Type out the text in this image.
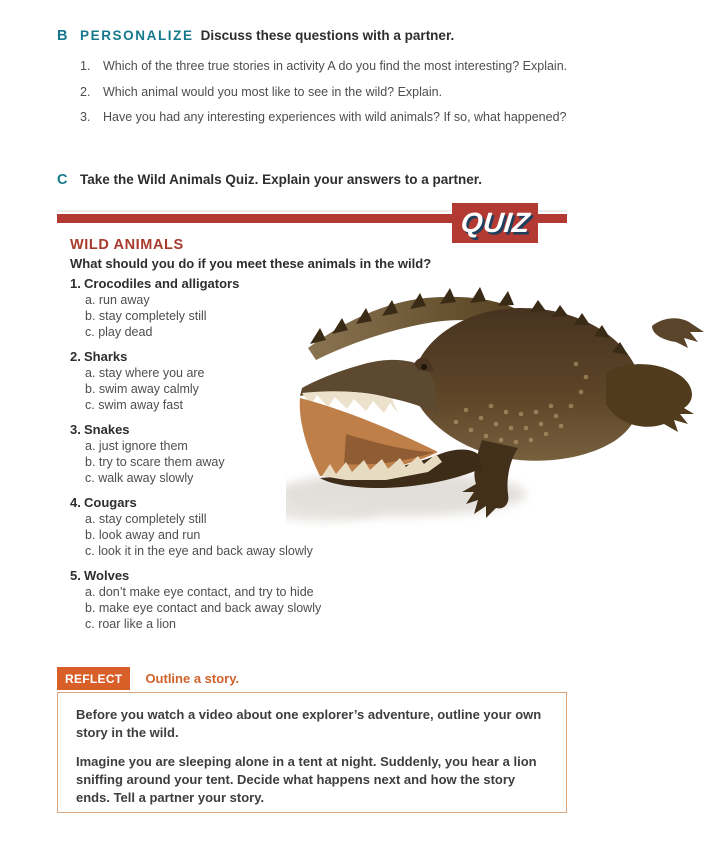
B PERSONALIZE Discuss these questions with a partner.
1.	Which of the three true stories in activity A do you find the most interesting? Explain.
2.	Which animal would you most like to see in the wild? Explain.
3.	Have you had any interesting experiences with wild animals? If so, what happened?
C Take the Wild Animals Quiz. Explain your answers to a partner.
QUIZ
WILD ANIMALS
What should you do if you meet these animals in the wild?
1. Crocodiles and alligators
a. run away
b. stay completely still
c. play dead
2. Sharks
a. stay where you are
b. swim away calmly
c. swim away fast
3. Snakes
a. just ignore them
b. try to scare them away
c. walk away slowly
4. Cougars
a. stay completely still
b. look away and run
c. look it in the eye and back away slowly
5. Wolves
a. don’t make eye contact, and try to hide
b. make eye contact and back away slowly
c. roar like a lion
REFLECT	Outline a story.

Before you watch a video about one explorer’s adventure, outline your own story in the wild.

Imagine you are sleeping alone in a tent at night. Suddenly, you hear a lion sniffing around your tent. Decide what happens next and how the story ends. Tell a partner your story.
